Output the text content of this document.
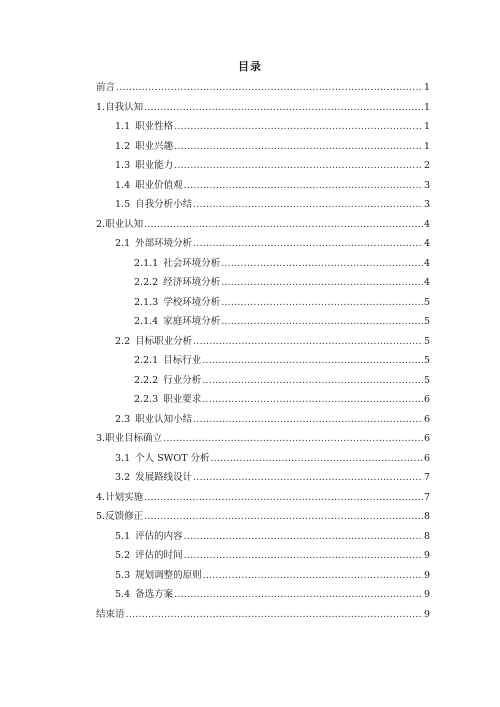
目录
前言 .....	1
1. 自我认知 .....	1
1.1 职业性格 .....	1
1.2 职业兴趣 .....	1
1.3 职业能力 .....	2
1.4 职业价值观 .....	3
1.5 自我分析小结 .....	3
2. 职业认知 .....	4
2.1 外部环境分析 .....	4
2.1.1 社会环境分析 .....	4
2.2.2 经济环境分析 .....	4
2.1.3 学校环境分析 .....	5
2.1.4 家庭环境分析 .....	5
2.2 目标职业分析 .....	5
2.2.1 目标行业 .....	5
2.2.2 行业分析 .....	5
2.2.3 职业要求 .....	6
2.3 职业认知小结 .....	6
3. 职业目标确立 .....	6
3.1 个人 SWOT 分析 .....	6
3.2 发展路线设计 .....	7
4. 计划实施 .....	7
5. 反馈修正 .....	8
5.1 评估的内容 .....	8
5.2 评估的时间 .....	9
5.3 规划调整的原则 .....	9
5.4 备选方案 .....	9
结束语 .....	9
